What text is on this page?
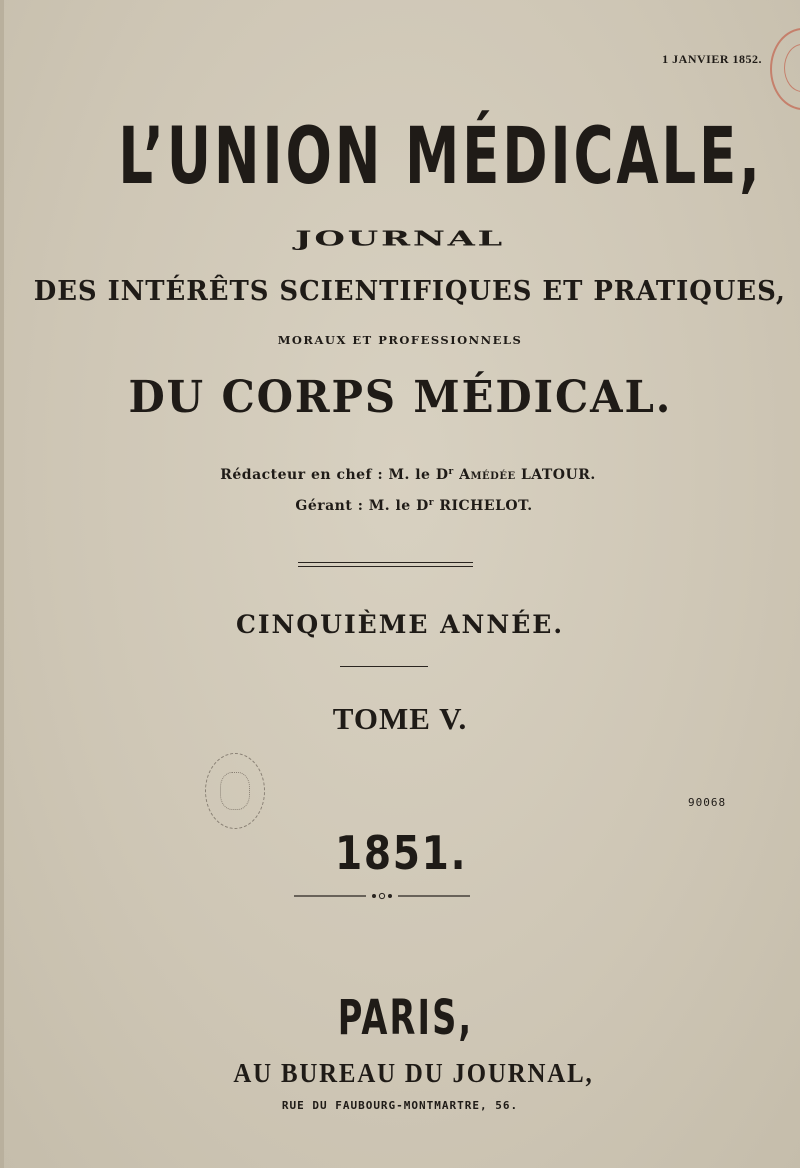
1 JANVIER 1852.
L’UNION MÉDICALE,
JOURNAL
DES INTÉRÊTS SCIENTIFIQUES ET PRATIQUES,
MORAUX ET PROFESSIONNELS
DU CORPS MÉDICAL.
Rédacteur en chef : M. le $D^r$ Amédée LATOUR.
Gérant : M. le $D^r$ RICHELOT.
CINQUIÈME ANNÉE.
TOME V.
90068
1851.
PARIS,
AU BUREAU DU JOURNAL,
RUE DU FAUBOURG-MONTMARTRE, 56.
